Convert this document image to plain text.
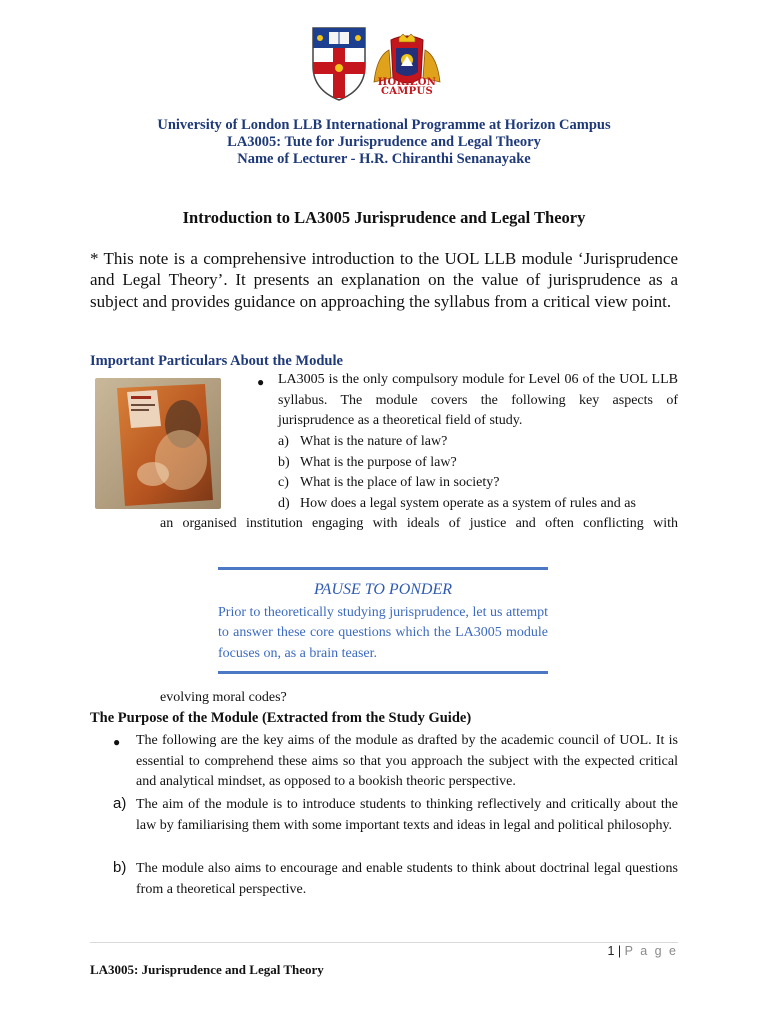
HORIZON
CAMPUS
University of London LLB International Programme at Horizon Campus
LA3005: Tute for Jurisprudence and Legal Theory
Name of Lecturer - H.R. Chiranthi Senanayake
Introduction to LA3005 Jurisprudence and Legal Theory
* This note is a comprehensive introduction to the UOL LLB module ‘Jurisprudence and Legal Theory’. It presents an explanation on the value of jurisprudence as a subject and provides guidance on approaching the syllabus from a critical view point.
Important Particulars About the Module
● LA3005 is the only compulsory module for Level 06 of the UOL LLB syllabus. The module covers the following key aspects of jurisprudence as a theoretical field of study.
a) What is the nature of law?
b) What is the purpose of law?
c) What is the place of law in society?
d) How does a legal system operate as a system of rules and as
an organised institution engaging with ideals of justice and often conflicting with
PAUSE TO PONDER
Prior to theoretically studying jurisprudence, let us attempt to answer these core questions which the LA3005 module focuses on, as a brain teaser.
evolving moral codes?
The Purpose of the Module (Extracted from the Study Guide)
● The following are the key aims of the module as drafted by the academic council of UOL. It is essential to comprehend these aims so that you approach the subject with the expected critical and analytical mindset, as opposed to a bookish theoric perspective.
a) The aim of the module is to introduce students to thinking reflectively and critically about the law by familiarising them with some important texts and ideas in legal and political philosophy.
b) The module also aims to encourage and enable students to think about doctrinal legal questions from a theoretical perspective.
1 | P a g e
LA3005: Jurisprudence and Legal Theory
